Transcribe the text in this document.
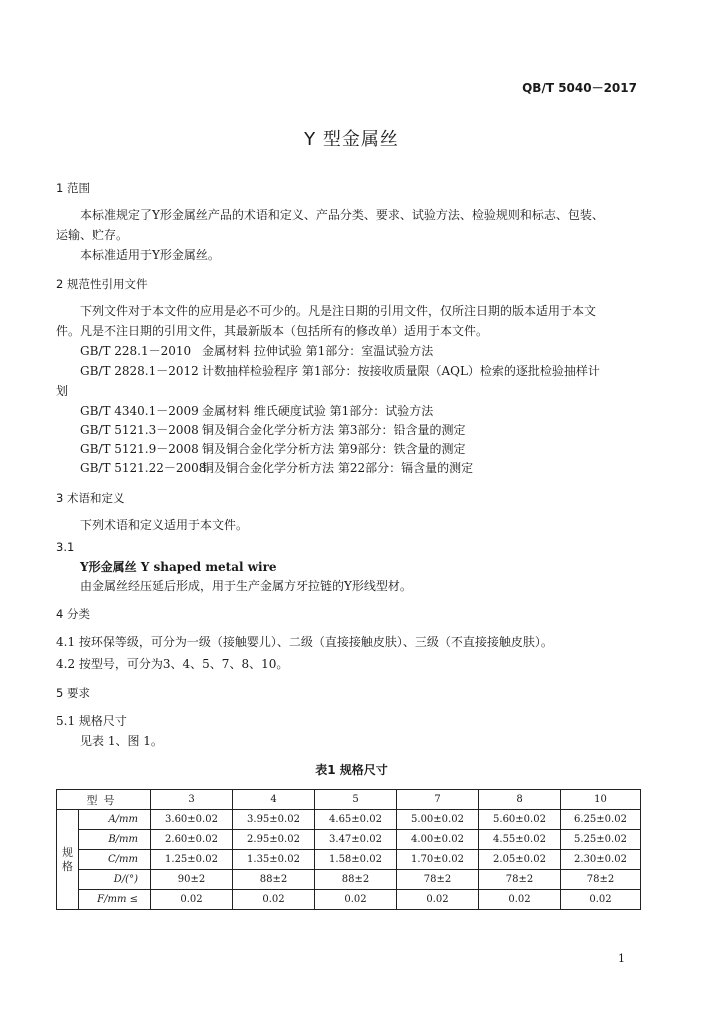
QB/T 5040－2017
Y 型金属丝
1 范围
本标准规定了Y形金属丝产品的术语和定义、产品分类、要求、试验方法、检验规则和标志、包装、
运输、贮存。
本标准适用于Y形金属丝。
2 规范性引用文件
下列文件对于本文件的应用是必不可少的。凡是注日期的引用文件，仅所注日期的版本适用于本文
件。凡是不注日期的引用文件，其最新版本（包括所有的修改单）适用于本文件。
GB/T 228.1－2010 金属材料 拉伸试验 第1部分：室温试验方法
GB/T 2828.1－2012 计数抽样检验程序 第1部分：按接收质量限（AQL）检索的逐批检验抽样计
划
GB/T 4340.1－2009 金属材料 维氏硬度试验 第1部分：试验方法
GB/T 5121.3－2008 铜及铜合金化学分析方法 第3部分：铅含量的测定
GB/T 5121.9－2008 铜及铜合金化学分析方法 第9部分：铁含量的测定
GB/T 5121.22－2008铜及铜合金化学分析方法 第22部分：镉含量的测定
3 术语和定义
下列术语和定义适用于本文件。
3.1
Y形金属丝 Y shaped metal wire
由金属丝经压延后形成，用于生产金属方牙拉链的Y形线型材。
4 分类
4.1 按环保等级，可分为一级（接触婴儿）、二级（直接接触皮肤）、三级（不直接接触皮肤）。
4.2 按型号，可分为3、4、5、7、8、10。
5 要求
5.1 规格尺寸
见表 1、图 1。
表1 规格尺寸
型号		3	4	5	7	8	10
规格	A/mm	3.60±0.02	3.95±0.02	4.65±0.02	5.00±0.02	5.60±0.02	6.25±0.02
	B/mm	2.60±0.02	2.95±0.02	3.47±0.02	4.00±0.02	4.55±0.02	5.25±0.02
	C/mm	1.25±0.02	1.35±0.02	1.58±0.02	1.70±0.02	2.05±0.02	2.30±0.02
	D/(°)	90±2	88±2	88±2	78±2	78±2	78±2
	F/mm ≤	0.02	0.02	0.02	0.02	0.02	0.02
1
